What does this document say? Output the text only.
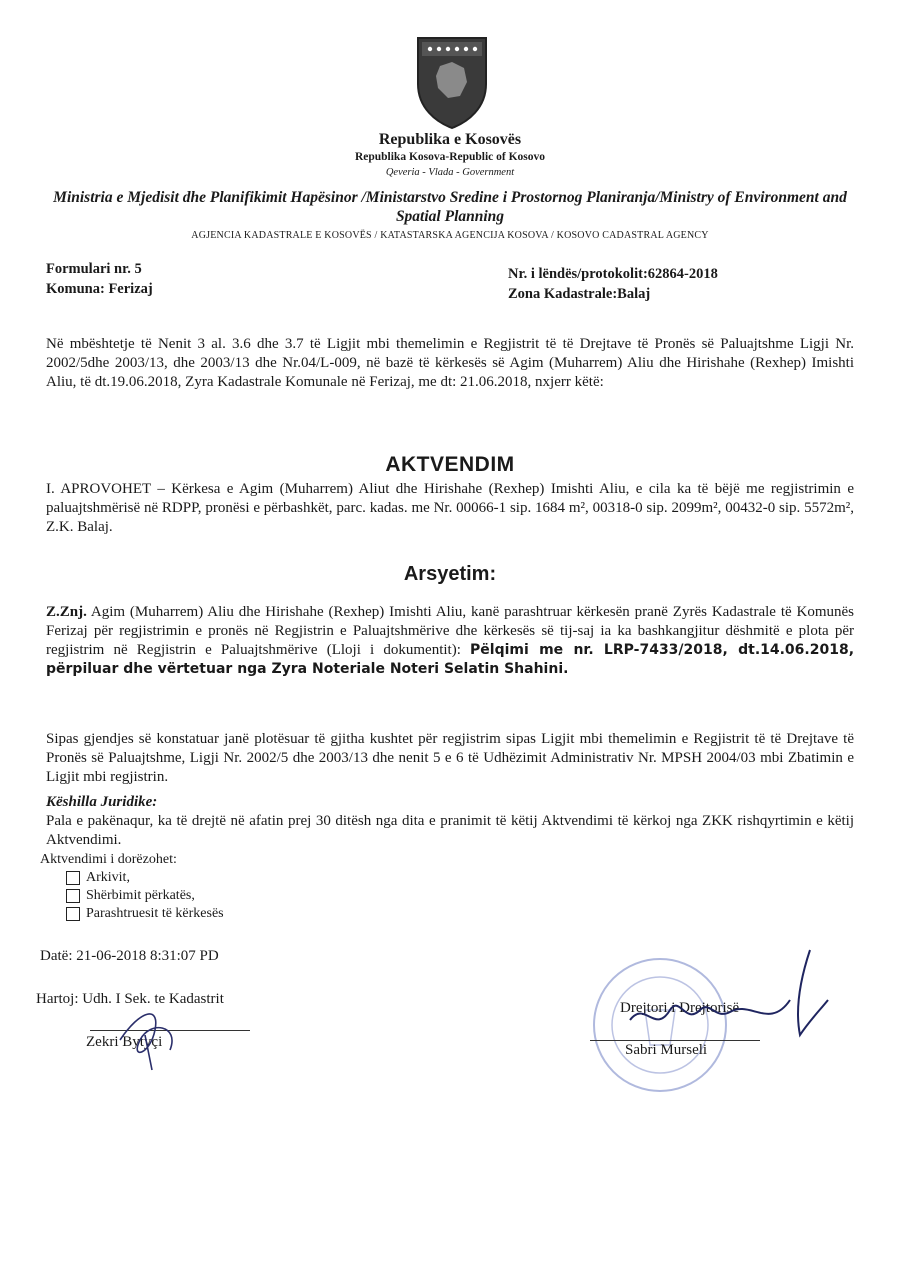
Republika e Kosovës
Republika Kosova-Republic of Kosovo
Qeveria - Vlada - Government
Ministria e Mjedisit dhe Planifikimit Hapësinor /Ministarstvo Sredine i Prostornog Planiranja/Ministry of Environment and Spatial Planning
AGJENCIA KADASTRALE E KOSOVËS / KATASTARSKA AGENCIJA KOSOVA / KOSOVO CADASTRAL AGENCY
Formulari nr. 5
Komuna: Ferizaj
Nr. i lëndës/protokolit:62864-2018
Zona Kadastrale:Balaj
Në mbështetje të Nenit 3 al. 3.6 dhe 3.7 të Ligjit mbi themelimin e Regjistrit të të Drejtave të Pronës së Paluajtshme Ligji Nr. 2002/5dhe 2003/13, dhe 2003/13 dhe Nr.04/L-009, në bazë të kërkesës së Agim (Muharrem) Aliu dhe Hirishahe (Rexhep) Imishti Aliu, të dt.19.06.2018, Zyra Kadastrale Komunale në Ferizaj, me dt: 21.06.2018, nxjerr këtë:
AKTVENDIM
I. APROVOHET – Kërkesa e Agim (Muharrem) Aliut dhe Hirishahe (Rexhep) Imishti Aliu, e cila ka të bëjë me regjistrimin e paluajtshmërisë në RDPP, pronësi e përbashkët, parc. kadas. me Nr. 00066-1 sip. 1684 m², 00318-0 sip. 2099m², 00432-0 sip. 5572m², Z.K. Balaj.
Arsyetim:
Z.Znj. Agim (Muharrem) Aliu dhe Hirishahe (Rexhep) Imishti Aliu, kanë parashtruar kërkesën pranë Zyrës Kadastrale të Komunës Ferizaj për regjistrimin e pronës në Regjistrin e Paluajtshmërive dhe kërkesës së tij-saj ia ka bashkangjitur dëshmitë e plota për regjistrim në Regjistrin e Paluajtshmërive (Lloji i dokumentit): Pëlqimi me nr. LRP-7433/2018, dt.14.06.2018, përpiluar dhe vërtetuar nga Zyra Noteriale Noteri Selatin Shahini.
Sipas gjendjes së konstatuar janë plotësuar të gjitha kushtet për regjistrim sipas Ligjit mbi themelimin e Regjistrit të të Drejtave të Pronës së Paluajtshme, Ligji Nr. 2002/5 dhe 2003/13 dhe nenit 5 e 6 të Udhëzimit Administrativ Nr. MPSH 2004/03 mbi Zbatimin e Ligjit mbi regjistrin.
Këshilla Juridike:
Pala e pakënaqur, ka të drejtë në afatin prej 30 ditësh nga dita e pranimit të këtij Aktvendimi të kërkoj nga ZKK rishqyrtimin e këtij Aktvendimi.
Aktvendimi i dorëzohet:
Arkivit,
Shërbimit përkatës,
Parashtruesit të kërkesës
Datë: 21-06-2018 8:31:07 PD
Hartoj: Udh. I Sek. te Kadastrit
Zekri Bytyçi
Drejtori i Drejtorisë
Sabri Murseli
